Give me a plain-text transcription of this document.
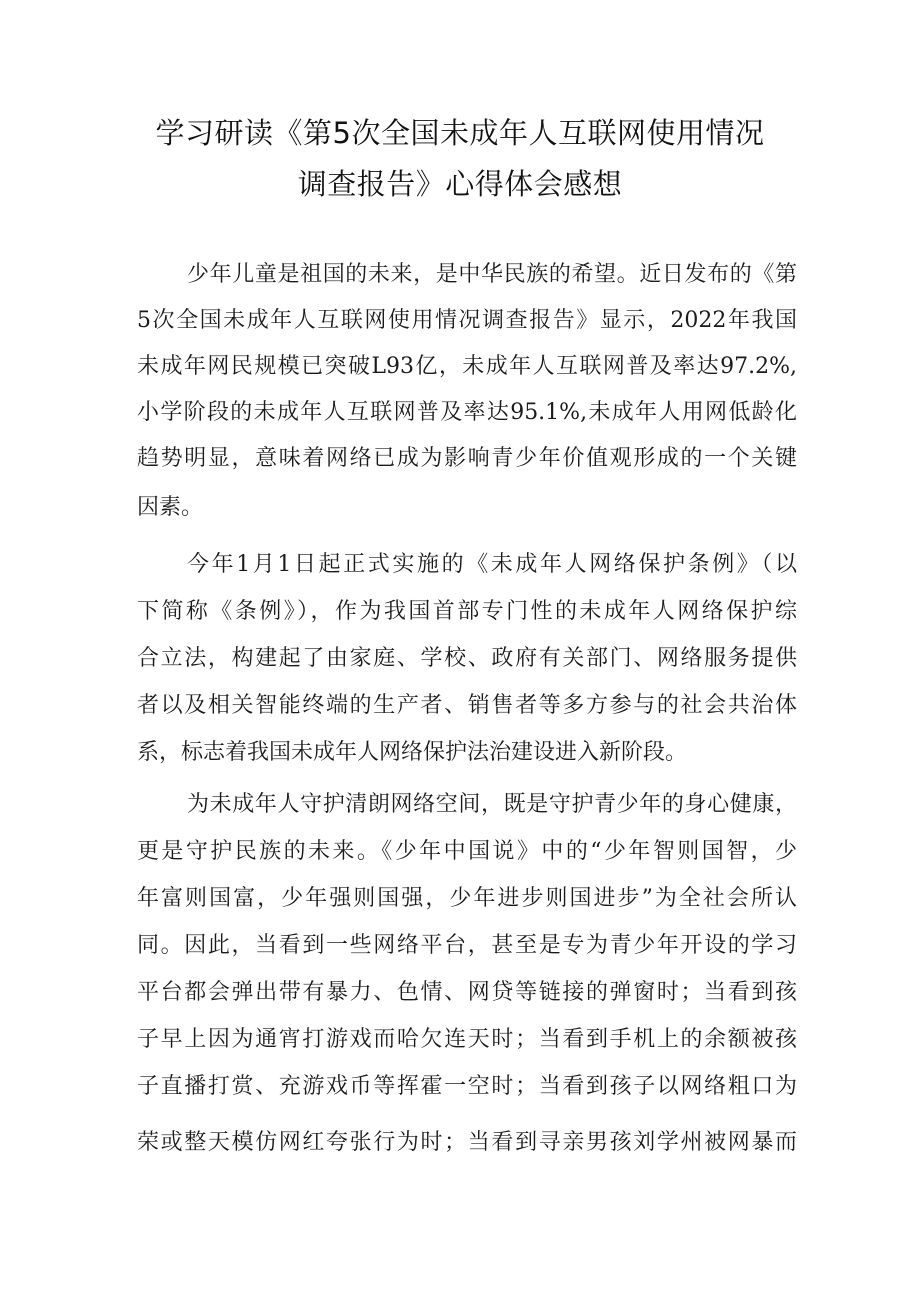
学习研读《第5次全国未成年人互联网使用情况
调查报告》心得体会感想
少年儿童是祖国的未来，是中华民族的希望。近日发布的《第
5次全国未成年人互联网使用情况调查报告》显示，2022年我国
未成年网民规模已突破L93亿，未成年人互联网普及率达97.2%,
小学阶段的未成年人互联网普及率达95.1%,未成年人用网低龄化
趋势明显，意味着网络已成为影响青少年价值观形成的一个关键
因素。
今年1月1日起正式实施的《未成年人网络保护条例》（以
下简称《条例》），作为我国首部专门性的未成年人网络保护综
合立法，构建起了由家庭、学校、政府有关部门、网络服务提供
者以及相关智能终端的生产者、销售者等多方参与的社会共治体
系，标志着我国未成年人网络保护法治建设进入新阶段。
为未成年人守护清朗网络空间，既是守护青少年的身心健康，
更是守护民族的未来。《少年中国说》中的“少年智则国智，少
年富则国富，少年强则国强，少年进步则国进步”为全社会所认
同。因此，当看到一些网络平台，甚至是专为青少年开设的学习
平台都会弹出带有暴力、色情、网贷等链接的弹窗时；当看到孩
子早上因为通宵打游戏而哈欠连天时；当看到手机上的余额被孩
子直播打赏、充游戏币等挥霍一空时；当看到孩子以网络粗口为
荣或整天模仿网红夸张行为时；当看到寻亲男孩刘学州被网暴而
